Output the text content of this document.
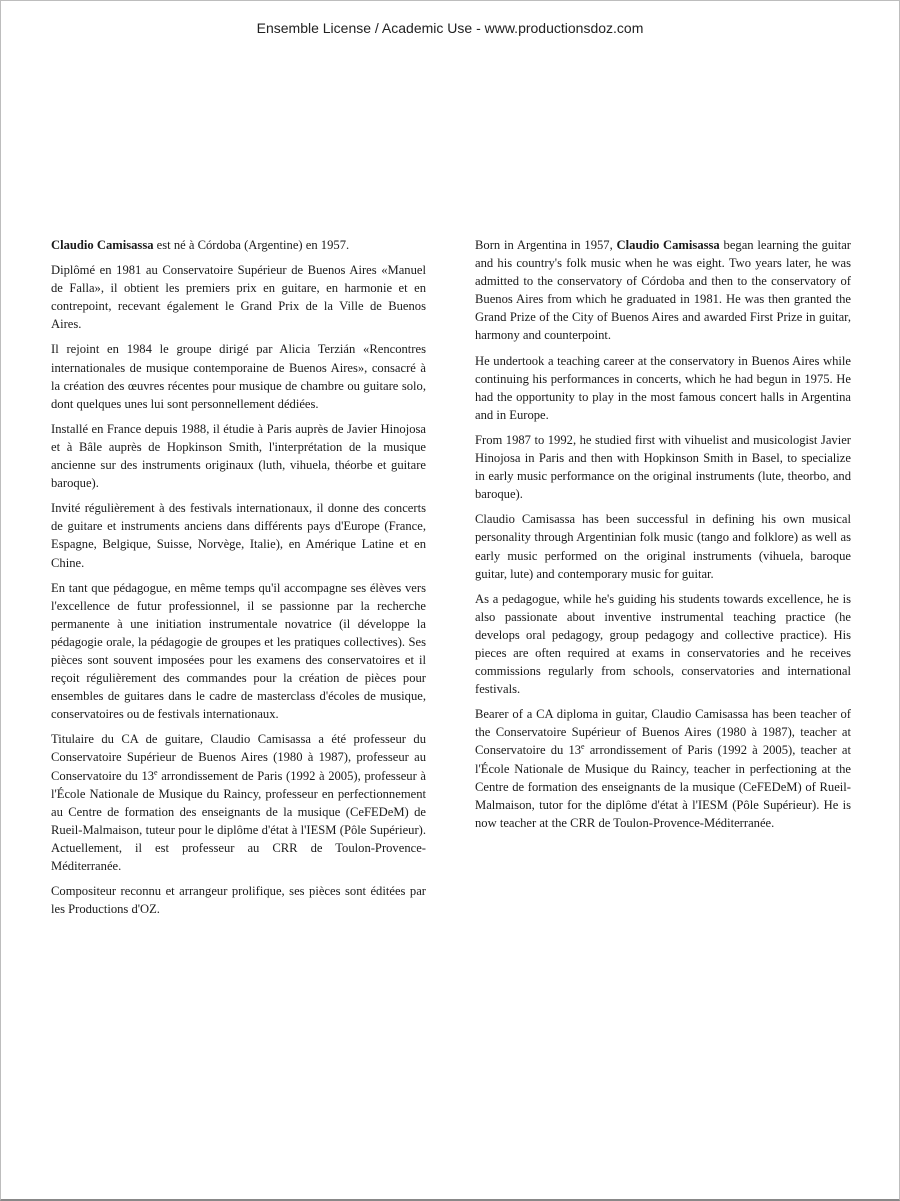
Ensemble License / Academic Use - www.productionsdoz.com

Claudio Camisassa est né à Córdoba (Argentine) en 1957.

Diplômé en 1981 au Conservatoire Supérieur de Buenos Aires «Manuel de Falla», il obtient les premiers prix en guitare, en harmonie et en contrepoint, recevant également le Grand Prix de la Ville de Buenos Aires.

Il rejoint en 1984 le groupe dirigé par Alicia Terzián «Rencontres internationales de musique contemporaine de Buenos Aires», consacré à la création des œuvres récentes pour musique de chambre ou guitare solo, dont quelques unes lui sont personnellement dédiées.

Installé en France depuis 1988, il étudie à Paris auprès de Javier Hinojosa et à Bâle auprès de Hopkinson Smith, l'interprétation de la musique ancienne sur des instruments originaux (luth, vihuela, théorbe et guitare baroque).

Invité régulièrement à des festivals internationaux, il donne des concerts de guitare et instruments anciens dans différents pays d'Europe (France, Espagne, Belgique, Suisse, Norvège, Italie), en Amérique Latine et en Chine.

En tant que pédagogue, en même temps qu'il accompagne ses élèves vers l'excellence de futur professionnel, il se passionne par la recherche permanente à une initiation instrumentale novatrice (il développe la pédagogie orale, la pédagogie de groupes et les pratiques collectives). Ses pièces sont souvent imposées pour les examens des conservatoires et il reçoit régulièrement des commandes pour la création de pièces pour ensembles de guitares dans le cadre de masterclass d'écoles de musique, conservatoires ou de festivals internationaux.

Titulaire du CA de guitare, Claudio Camisassa a été professeur du Conservatoire Supérieur de Buenos Aires (1980 à 1987), professeur au Conservatoire du 13e arrondissement de Paris (1992 à 2005), professeur à l'École Nationale de Musique du Raincy, professeur en perfectionnement au Centre de formation des enseignants de la musique (CeFEDeM) de Rueil-Malmaison, tuteur pour le diplôme d'état à l'IESM (Pôle Supérieur). Actuellement, il est professeur au CRR de Toulon-Provence-Méditerranée.

Compositeur reconnu et arrangeur prolifique, ses pièces sont éditées par les Productions d'OZ.

Born in Argentina in 1957, Claudio Camisassa began learning the guitar and his country's folk music when he was eight. Two years later, he was admitted to the conservatory of Córdoba and then to the conservatory of Buenos Aires from which he graduated in 1981. He was then granted the Grand Prize of the City of Buenos Aires and awarded First Prize in guitar, harmony and counterpoint.

He undertook a teaching career at the conservatory in Buenos Aires while continuing his performances in concerts, which he had begun in 1975. He had the opportunity to play in the most famous concert halls in Argentina and in Europe.

From 1987 to 1992, he studied first with vihuelist and musicologist Javier Hinojosa in Paris and then with Hopkinson Smith in Basel, to specialize in early music performance on the original instruments (lute, theorbo, and baroque).

Claudio Camisassa has been successful in defining his own musical personality through Argentinian folk music (tango and folklore) as well as early music performed on the original instruments (vihuela, baroque guitar, lute) and contemporary music for guitar.

As a pedagogue, while he's guiding his students towards excellence, he is also passionate about inventive instrumental teaching practice (he develops oral pedagogy, group pedagogy and collective practice). His pieces are often required at exams in conservatories and he receives commissions regularly from schools, conservatories and international festivals.

Bearer of a CA diploma in guitar, Claudio Camisassa has been teacher of the Conservatoire Supérieur of Buenos Aires (1980 à 1987), teacher at Conservatoire du 13e arrondissement of Paris (1992 à 2005), teacher at l'École Nationale de Musique du Raincy, teacher in perfectioning at the Centre de formation des enseignants de la musique (CeFEDeM) of Rueil-Malmaison, tutor for the diplôme d'état à l'IESM (Pôle Supérieur). He is now teacher at the CRR de Toulon-Provence-Méditerranée.
